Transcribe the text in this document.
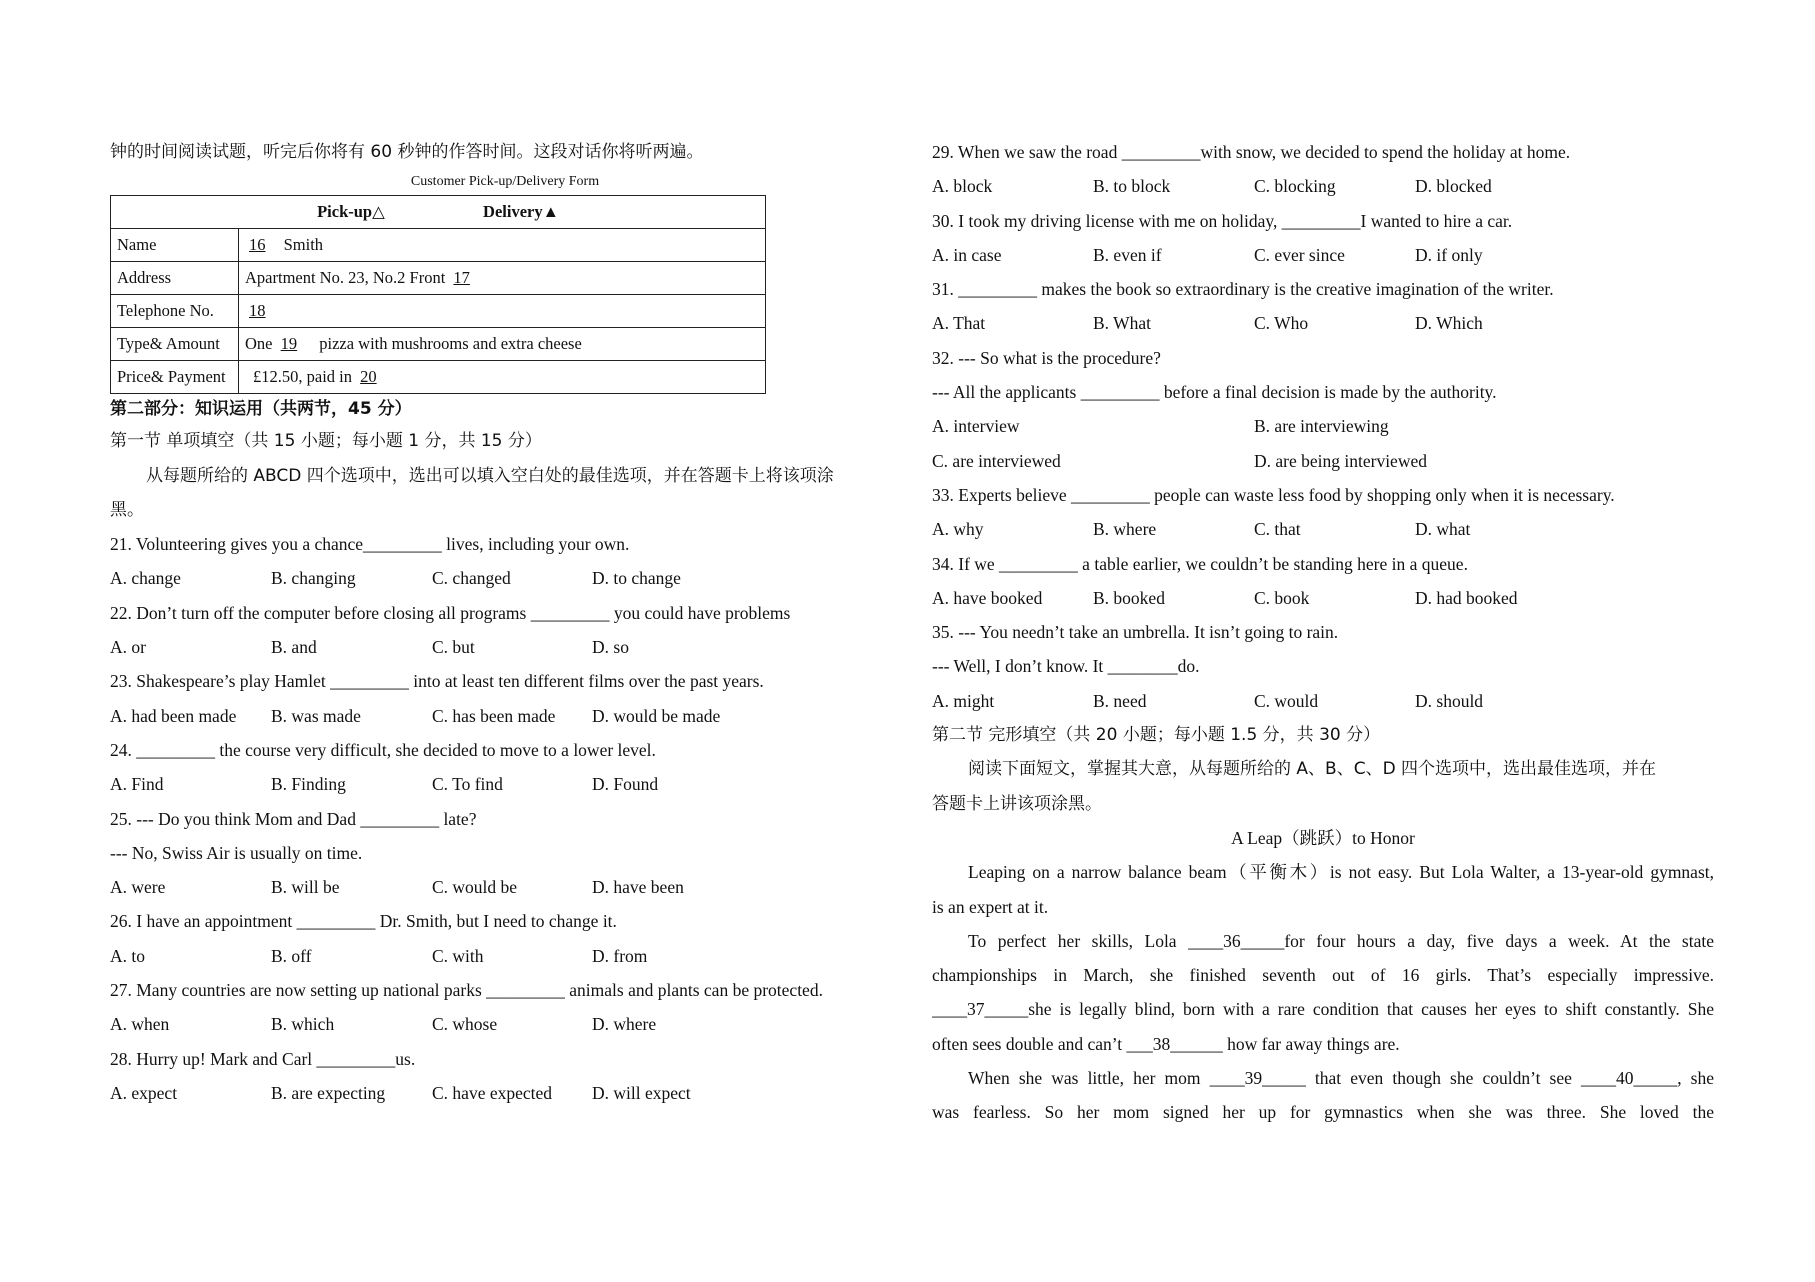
钟的时间阅读试题，听完后你将有 60 秒钟的作答时间。这段对话你将听两遍。
Customer Pick-up/Delivery Form
Pick-up△ Delivery▲	
Name	16 Smith
Address	Apartment No. 23, No.2 Front 17
Telephone No.	18
Type& Amount	One 19 pizza with mushrooms and extra cheese
Price& Payment	£12.50, paid in 20
第二部分：知识运用（共两节，45 分）
第一节 单项填空（共 15 小题；每小题 1 分，共 15 分）
从每题所给的 ABCD 四个选项中，选出可以填入空白处的最佳选项，并在答题卡上将该项涂
黑。
21. Volunteering gives you a chance_________ lives, including your own.
A. change	B. changing	C. changed	D. to change
22. Don’t turn off the computer before closing all programs _________ you could have problems
A. or	B. and	C. but	D. so
23. Shakespeare’s play Hamlet _________ into at least ten different films over the past years.
A. had been made	B. was made	C. has been made	D. would be made
24. _________ the course very difficult, she decided to move to a lower level.
A. Find	B. Finding	C. To find	D. Found
25. --- Do you think Mom and Dad _________ late?
--- No, Swiss Air is usually on time.
A. were	B. will be	C. would be	D. have been
26. I have an appointment _________ Dr. Smith, but I need to change it.
A. to	B. off	C. with	D. from
27. Many countries are now setting up national parks _________ animals and plants can be protected.
A. when	B. which	C. whose	D. where
28. Hurry up! Mark and Carl _________us.
A. expect	B. are expecting	C. have expected	D. will expect
29. When we saw the road _________with snow, we decided to spend the holiday at home.
A. block	B. to block	C. blocking	D. blocked
30. I took my driving license with me on holiday, _________I wanted to hire a car.
A. in case	B. even if	C. ever since	D. if only
31. _________ makes the book so extraordinary is the creative imagination of the writer.
A. That	B. What	C. Who	D. Which
32. --- So what is the procedure?
--- All the applicants _________ before a final decision is made by the authority.
A. interview	B. are interviewing
C. are interviewed	D. are being interviewed
33. Experts believe _________ people can waste less food by shopping only when it is necessary.
A. why	B. where	C. that	D. what
34. If we _________ a table earlier, we couldn’t be standing here in a queue.
A. have booked	B. booked	C. book	D. had booked
35. --- You needn’t take an umbrella. It isn’t going to rain.
--- Well, I don’t know. It ________do.
A. might	B. need	C. would	D. should
第二节 完形填空（共 20 小题；每小题 1.5 分，共 30 分）
阅读下面短文，掌握其大意，从每题所给的 A、B、C、D 四个选项中，选出最佳选项，并在
答题卡上讲该项涂黑。
A Leap（跳跃）to Honor
Leaping on a narrow balance beam（平衡木）is not easy. But Lola Walter, a 13-year-old gymnast,
is an expert at it.
To perfect her skills, Lola ____36_____for four hours a day, five days a week. At the state
championships in March, she finished seventh out of 16 girls. That’s especially impressive.
____37_____she is legally blind, born with a rare condition that causes her eyes to shift constantly. She
often sees double and can’t ___38______ how far away things are.
When she was little, her mom ____39_____ that even though she couldn’t see ____40_____, she
was fearless. So her mom signed her up for gymnastics when she was three. She loved the
